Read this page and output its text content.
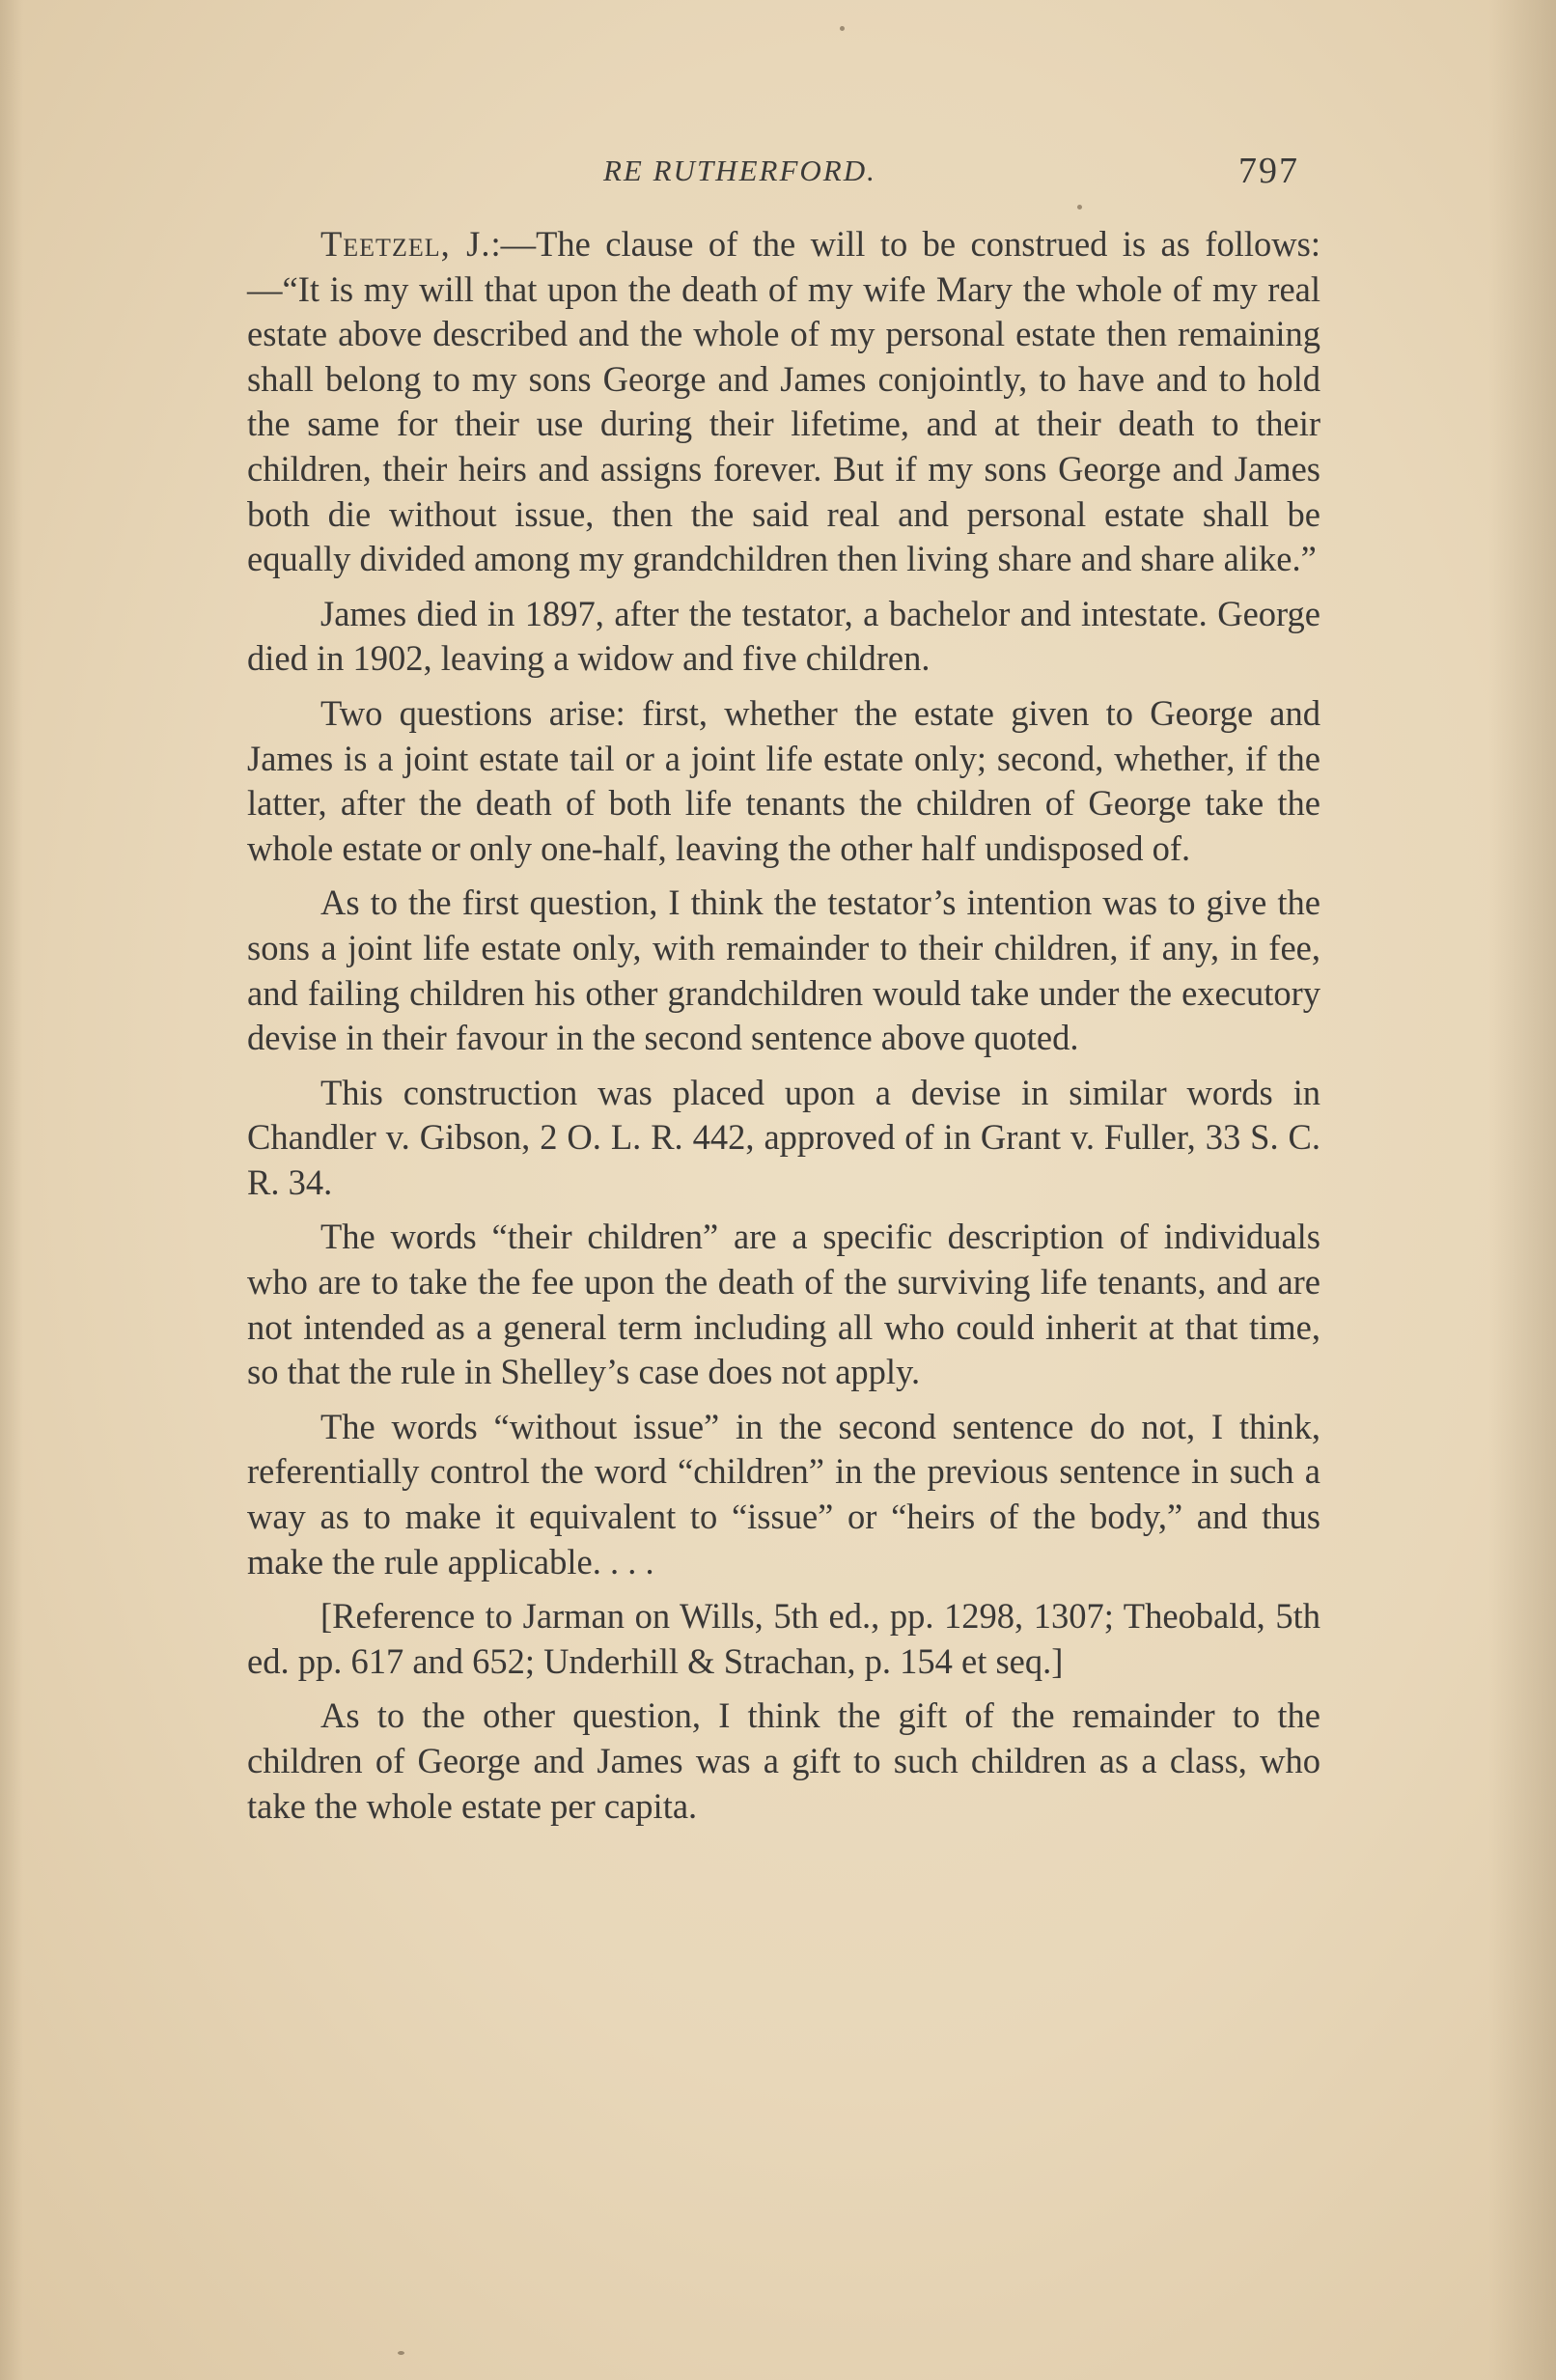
RE RUTHERFORD.	797

Teetzel, J.:—The clause of the will to be construed is as follows:—“It is my will that upon the death of my wife Mary the whole of my real estate above described and the whole of my personal estate then remaining shall belong to my sons George and James conjointly, to have and to hold the same for their use during their lifetime, and at their death to their children, their heirs and assigns forever. But if my sons George and James both die without issue, then the said real and personal estate shall be equally divided among my grandchildren then living share and share alike.”

James died in 1897, after the testator, a bachelor and intestate. George died in 1902, leaving a widow and five children.

Two questions arise: first, whether the estate given to George and James is a joint estate tail or a joint life estate only; second, whether, if the latter, after the death of both life tenants the children of George take the whole estate or only one-half, leaving the other half undisposed of.

As to the first question, I think the testator’s intention was to give the sons a joint life estate only, with remainder to their children, if any, in fee, and failing children his other grandchildren would take under the executory devise in their favour in the second sentence above quoted.

This construction was placed upon a devise in similar words in Chandler v. Gibson, 2 O. L. R. 442, approved of in Grant v. Fuller, 33 S. C. R. 34.

The words “their children” are a specific description of individuals who are to take the fee upon the death of the surviving life tenants, and are not intended as a general term including all who could inherit at that time, so that the rule in Shelley’s case does not apply.

The words “without issue” in the second sentence do not, I think, referentially control the word “children” in the previous sentence in such a way as to make it equivalent to “issue” or “heirs of the body,” and thus make the rule applicable. . . .

[Reference to Jarman on Wills, 5th ed., pp. 1298, 1307; Theobald, 5th ed. pp. 617 and 652; Underhill & Strachan, p. 154 et seq.]

As to the other question, I think the gift of the remainder to the children of George and James was a gift to such children as a class, who take the whole estate per capita.
